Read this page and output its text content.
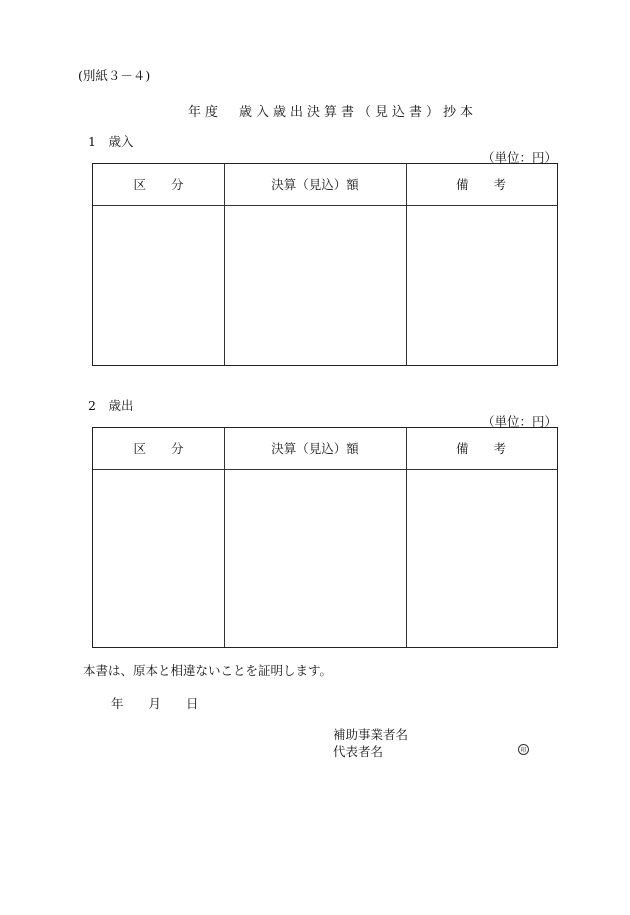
(別紙３－４)
年度　歳入歳出決算書（見込書）抄本
1　歳入
（単位：円）
区　　分	決算（見込）額	備　　考
2　歳出
（単位：円）
区　　分	決算（見込）額	備　　考
本書は、原本と相違ないことを証明します。
年　　月　　日
補助事業者名
代表者名	印
